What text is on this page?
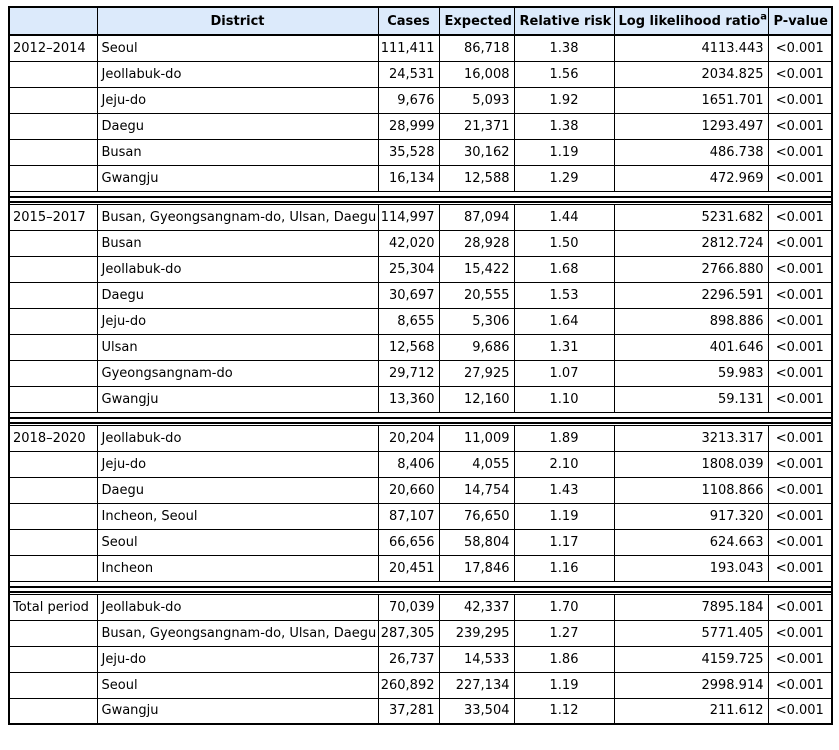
	District	Cases	Expected	Relative risk	Log likelihood ratio$^a$	P-value
2012–2014	Seoul	111,411	86,718	1.38	4113.443	<0.001
	Jeollabuk-do	24,531	16,008	1.56	2034.825	<0.001
	Jeju-do	9,676	5,093	1.92	1651.701	<0.001
	Daegu	28,999	21,371	1.38	1293.497	<0.001
	Busan	35,528	30,162	1.19	486.738	<0.001
	Gwangju	16,134	12,588	1.29	472.969	<0.001

2015–2017	Busan, Gyeongsangnam-do, Ulsan, Daegu	114,997	87,094	1.44	5231.682	<0.001
	Busan	42,020	28,928	1.50	2812.724	<0.001
	Jeollabuk-do	25,304	15,422	1.68	2766.880	<0.001
	Daegu	30,697	20,555	1.53	2296.591	<0.001
	Jeju-do	8,655	5,306	1.64	898.886	<0.001
	Ulsan	12,568	9,686	1.31	401.646	<0.001
	Gyeongsangnam-do	29,712	27,925	1.07	59.983	<0.001
	Gwangju	13,360	12,160	1.10	59.131	<0.001

2018–2020	Jeollabuk-do	20,204	11,009	1.89	3213.317	<0.001
	Jeju-do	8,406	4,055	2.10	1808.039	<0.001
	Daegu	20,660	14,754	1.43	1108.866	<0.001
	Incheon, Seoul	87,107	76,650	1.19	917.320	<0.001
	Seoul	66,656	58,804	1.17	624.663	<0.001
	Incheon	20,451	17,846	1.16	193.043	<0.001

Total period	Jeollabuk-do	70,039	42,337	1.70	7895.184	<0.001
	Busan, Gyeongsangnam-do, Ulsan, Daegu	287,305	239,295	1.27	5771.405	<0.001
	Jeju-do	26,737	14,533	1.86	4159.725	<0.001
	Seoul	260,892	227,134	1.19	2998.914	<0.001
	Gwangju	37,281	33,504	1.12	211.612	<0.001
